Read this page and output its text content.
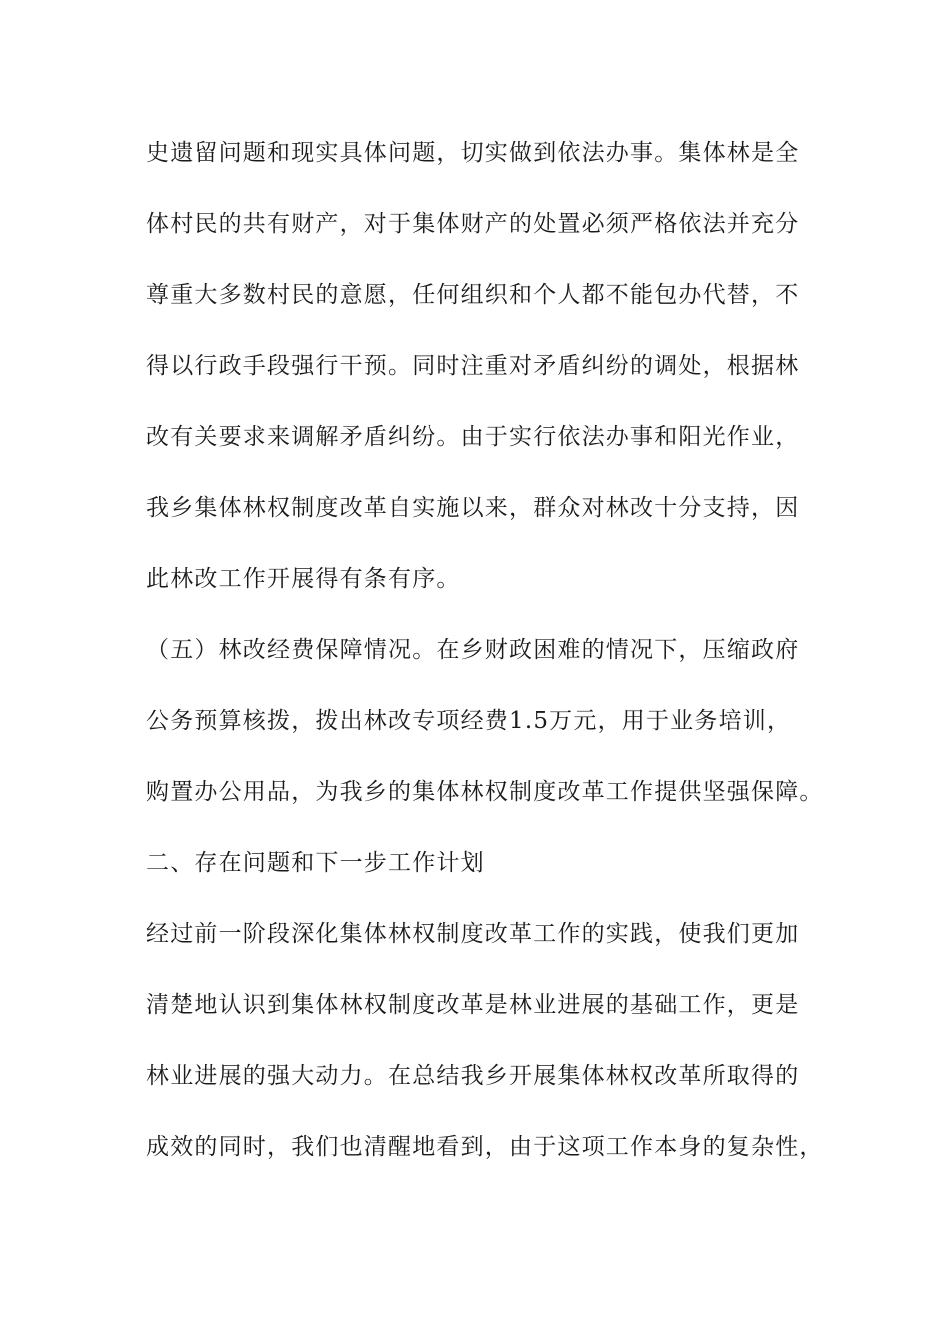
史遗留问题和现实具体问题，切实做到依法办事。集体林是全

体村民的共有财产，对于集体财产的处置必须严格依法并充分

尊重大多数村民的意愿，任何组织和个人都不能包办代替，不

得以行政手段强行干预。同时注重对矛盾纠纷的调处，根据林

改有关要求来调解矛盾纠纷。由于实行依法办事和阳光作业，

我乡集体林权制度改革自实施以来，群众对林改十分支持，因

此林改工作开展得有条有序。

（五）林改经费保障情况。在乡财政困难的情况下，压缩政府

公务预算核拨，拨出林改专项经费1.5万元，用于业务培训，

购置办公用品，为我乡的集体林权制度改革工作提供坚强保障。

二、存在问题和下一步工作计划

经过前一阶段深化集体林权制度改革工作的实践，使我们更加

清楚地认识到集体林权制度改革是林业进展的基础工作，更是

林业进展的强大动力。在总结我乡开展集体林权改革所取得的

成效的同时，我们也清醒地看到，由于这项工作本身的复杂性，
